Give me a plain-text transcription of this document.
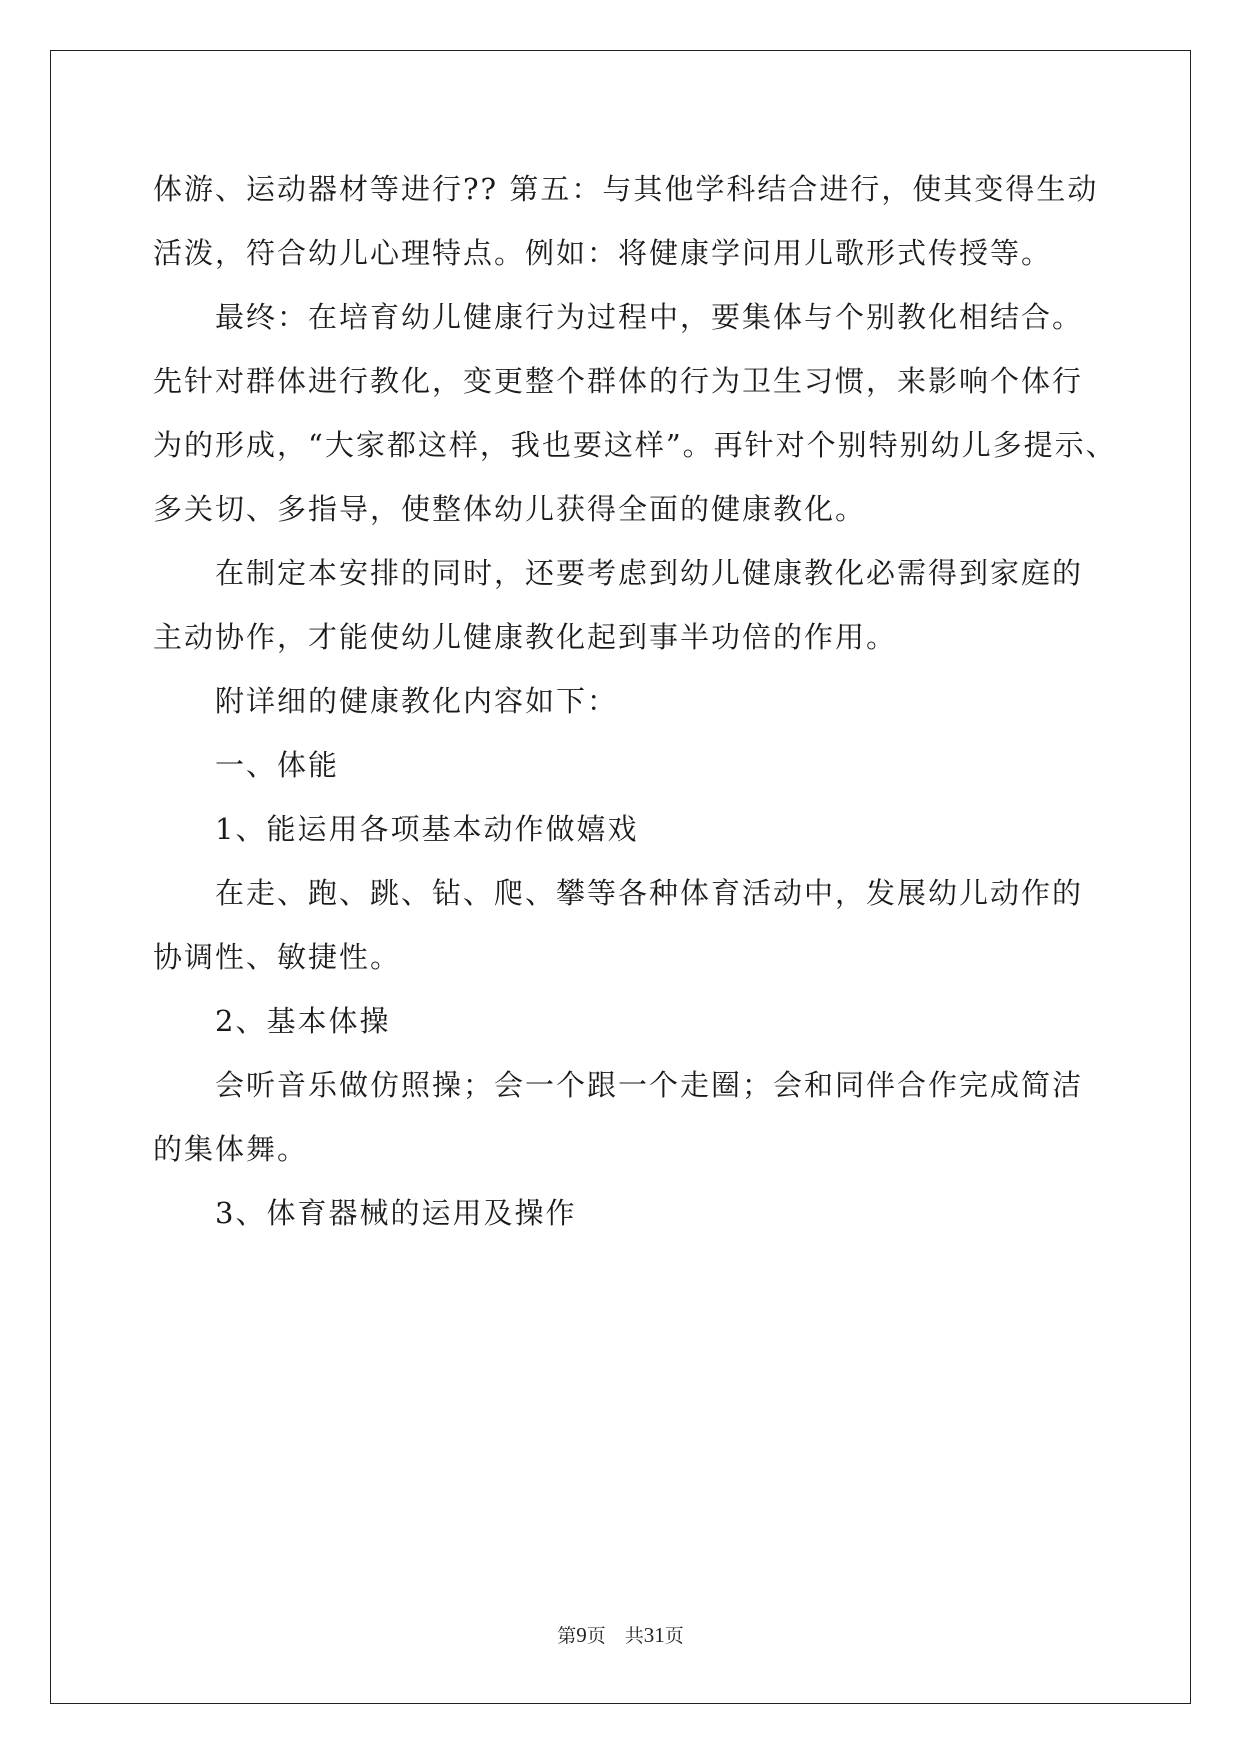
体游、运动器材等进行?? 第五：与其他学科结合进行，使其变得生动

活泼，符合幼儿心理特点。例如：将健康学问用儿歌形式传授等。

最终：在培育幼儿健康行为过程中，要集体与个别教化相结合。

先针对群体进行教化，变更整个群体的行为卫生习惯，来影响个体行

为的形成，“大家都这样，我也要这样”。再针对个别特别幼儿多提示、

多关切、多指导，使整体幼儿获得全面的健康教化。

在制定本安排的同时，还要考虑到幼儿健康教化必需得到家庭的

主动协作，才能使幼儿健康教化起到事半功倍的作用。

附详细的健康教化内容如下：

一、体能

1、能运用各项基本动作做嬉戏

在走、跑、跳、钻、爬、攀等各种体育活动中，发展幼儿动作的

协调性、敏捷性。

2、基本体操

会听音乐做仿照操；会一个跟一个走圈；会和同伴合作完成简洁

的集体舞。

3、体育器械的运用及操作

第9页 共31页
